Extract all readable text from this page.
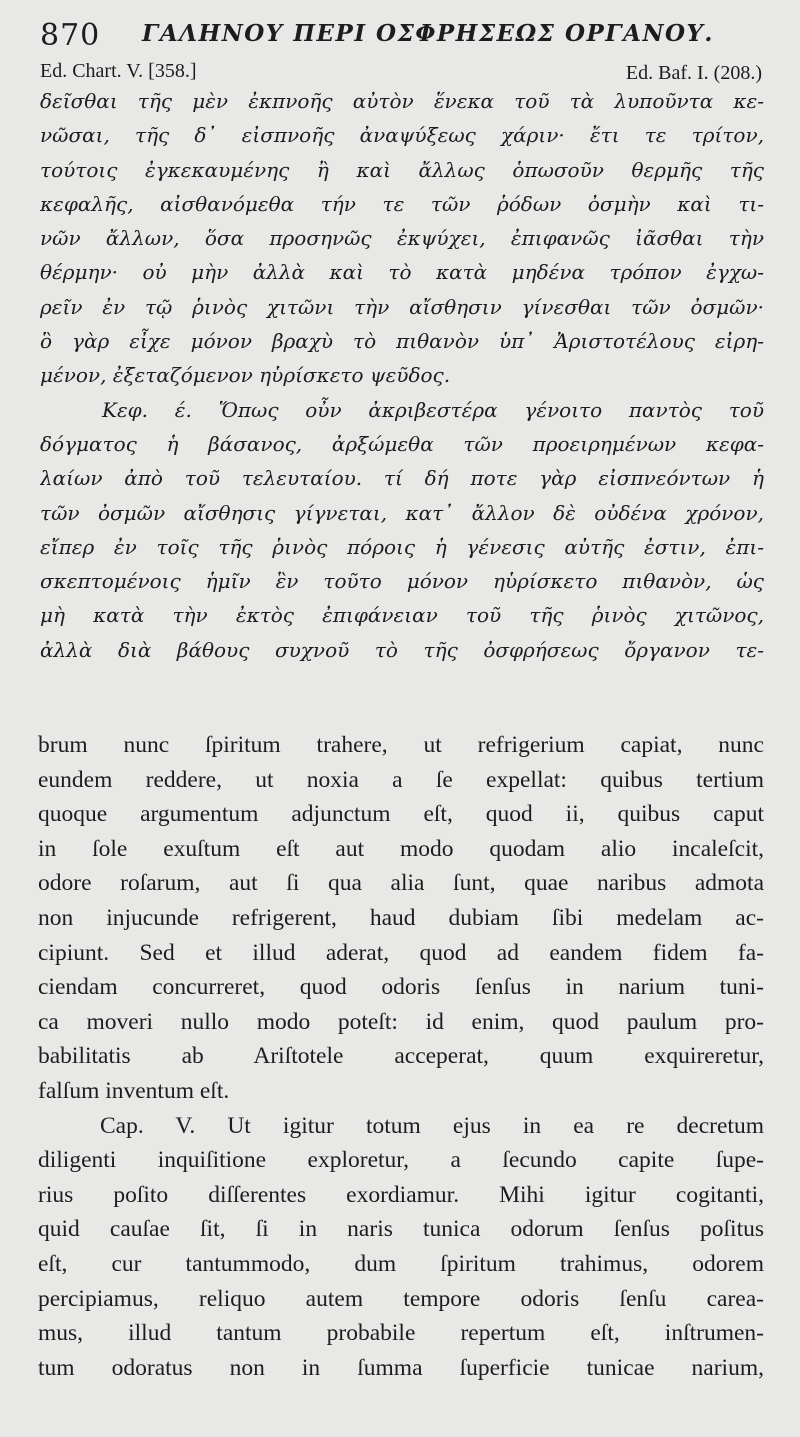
870 ΓΑΛΗΝΟΥ ΠΕΡΙ ΟΣΦΡΗΣΕΩΣ ΟΡΓΑΝΟΥ.
Ed. Chart. V. [358.]	Ed. Baf. I. (208.)
δεῖσθαι τῆς μὲν ἐκπνοῆς αὐτὸν ἕνεκα τοῦ τὰ λυποῦντα κε-
νῶσαι, τῆς δ᾽ εἰσπνοῆς ἀναψύξεως χάριν· ἔτι τε τρίτον,
τούτοις ἐγκεκαυμένης ἢ καὶ ἄλλως ὁπωσοῦν θερμῆς τῆς
κεφαλῆς, αἰσθανόμεθα τήν τε τῶν ῥόδων ὀσμὴν καὶ τι-
νῶν ἄλλων, ὅσα προσηνῶς ἐκψύχει, ἐπιφανῶς ἰᾶσθαι τὴν
θέρμην· οὐ μὴν ἀλλὰ καὶ τὸ κατὰ μηδένα τρόπον ἐγχω-
ρεῖν ἐν τῷ ῥινὸς χιτῶνι τὴν αἴσθησιν γίνεσθαι τῶν ὀσμῶν·
ὃ γὰρ εἶχε μόνον βραχὺ τὸ πιθανὸν ὑπ᾽ Ἀριστοτέλους εἰρη-
μένον, ἐξεταζόμενον ηὑρίσκετο ψεῦδος.
Κεφ. έ. Ὅπως οὖν ἀκριβεστέρα γένοιτο παντὸς τοῦ
δόγματος ἡ βάσανος, ἀρξώμεθα τῶν προειρημένων κεφα-
λαίων ἀπὸ τοῦ τελευταίου. τί δή ποτε γὰρ εἰσπνεόντων ἡ
τῶν ὀσμῶν αἴσθησις γίγνεται, κατ᾽ ἄλλον δὲ οὐδένα χρόνον,
εἴπερ ἐν τοῖς τῆς ῥινὸς πόροις ἡ γένεσις αὐτῆς ἐστιν, ἐπι-
σκεπτομένοις ἡμῖν ἓν τοῦτο μόνον ηὑρίσκετο πιθανὸν, ὡς
μὴ κατὰ τὴν ἐκτὸς ἐπιφάνειαν τοῦ τῆς ῥινὸς χιτῶνος,
ἀλλὰ διὰ βάθους συχνοῦ τὸ τῆς ὀσφρήσεως ὄργανον τε-
brum nunc ſpiritum trahere, ut refrigerium capiat, nunc
eundem reddere, ut noxia a ſe expellat: quibus tertium
quoque argumentum adjunctum eſt, quod ii, quibus caput
in ſole exuſtum eſt aut modo quodam alio incaleſcit,
odore roſarum, aut ſi qua alia ſunt, quae naribus admota
non injucunde refrigerent, haud dubiam ſibi medelam ac-
cipiunt. Sed et illud aderat, quod ad eandem fidem fa-
ciendam concurreret, quod odoris ſenſus in narium tuni-
ca moveri nullo modo poteſt: id enim, quod paulum pro-
babilitatis ab Ariſtotele acceperat, quum exquireretur,
falſum inventum eſt.
Cap. V. Ut igitur totum ejus in ea re decretum
diligenti inquiſitione exploretur, a ſecundo capite ſupe-
rius poſito diſſerentes exordiamur. Mihi igitur cogitanti,
quid cauſae ſit, ſi in naris tunica odorum ſenſus poſitus
eſt, cur tantummodo, dum ſpiritum trahimus, odorem
percipiamus, reliquo autem tempore odoris ſenſu carea-
mus, illud tantum probabile repertum eſt, inſtrumen-
tum odoratus non in ſumma ſuperficie tunicae narium,
